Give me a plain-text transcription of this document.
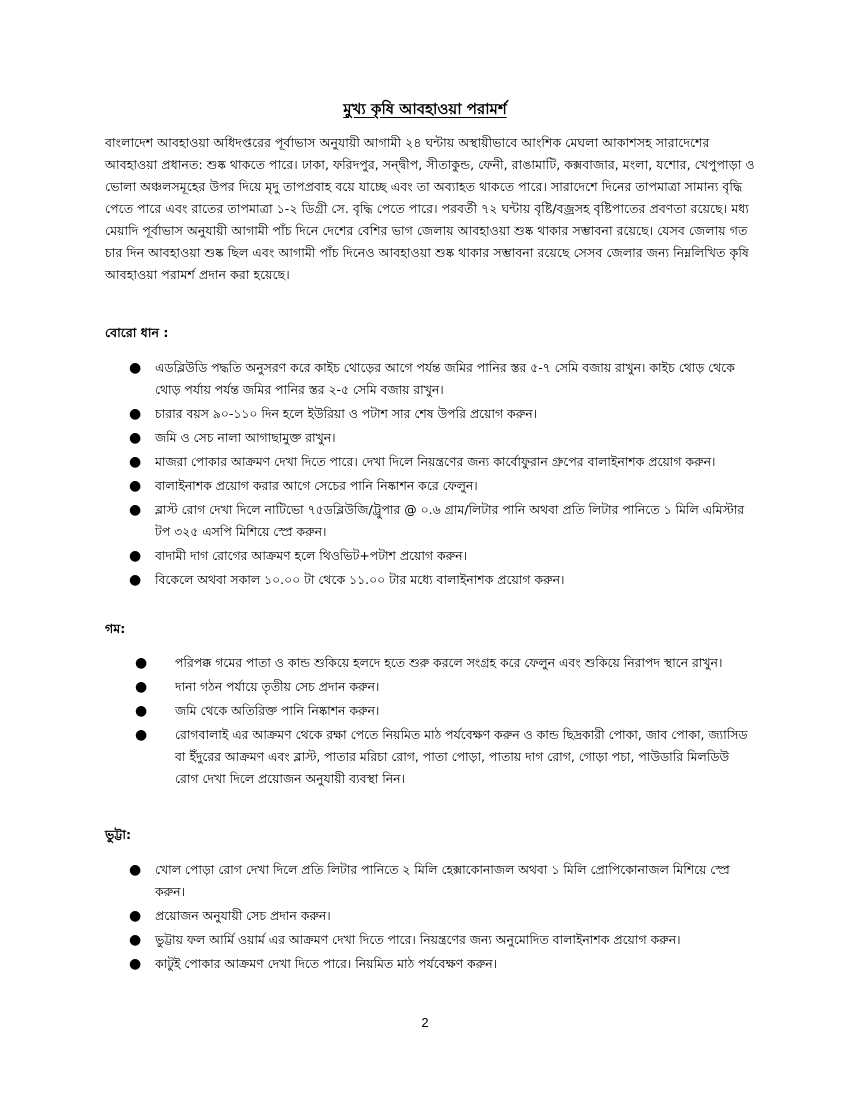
মুখ্য কৃষি আবহাওয়া পরামর্শ
বাংলাদেশ আবহাওয়া অধিদপ্তরের পূর্বাভাস অনুযায়ী আগামী ২৪ ঘন্টায় অস্থায়ীভাবে আংশিক মেঘলা আকাশসহ সারাদেশের আবহাওয়া প্রধানত: শুষ্ক থাকতে পারে। ঢাকা, ফরিদপুর, সন্দ্বীপ, সীতাকুন্ড, ফেনী, রাঙামাটি, কক্সবাজার, মংলা, যশোর, খেপুপাড়া ও ভোলা অঞ্চলসমূহের উপর দিয়ে মৃদু তাপপ্রবাহ বয়ে যাচ্ছে এবং তা অব্যাহত থাকতে পারে। সারাদেশে দিনের তাপমাত্রা সামান্য বৃদ্ধি পেতে পারে এবং রাতের তাপমাত্রা ১-২ ডিগ্রী সে. বৃদ্ধি পেতে পারে। পরবর্তী ৭২ ঘন্টায় বৃষ্টি/বজ্রসহ বৃষ্টিপাতের প্রবণতা রয়েছে। মধ্য মেয়াদি পূর্বাভাস অনুযায়ী আগামী পাঁচ দিনে দেশের বেশির ভাগ জেলায় আবহাওয়া শুষ্ক থাকার সম্ভাবনা রয়েছে। যেসব জেলায় গত চার দিন আবহাওয়া শুষ্ক ছিল এবং আগামী পাঁচ দিনেও আবহাওয়া শুষ্ক থাকার সম্ভাবনা রয়েছে সেসব জেলার জন্য নিম্নলিখিত কৃষি আবহাওয়া পরামর্শ প্রদান করা হয়েছে।
বোরো ধান :
● এডব্লিউডি পদ্ধতি অনুসরণ করে কাইচ থোড়ের আগে পর্যন্ত জমির পানির স্তর ৫-৭ সেমি বজায় রাখুন। কাইচ থোড় থেকে থোড় পর্যায় পর্যন্ত জমির পানির স্তর ২-৫ সেমি বজায় রাখুন।
● চারার বয়স ৯০-১১০ দিন হলে ইউরিয়া ও পটাশ সার শেষ উপরি প্রয়োগ করুন।
● জমি ও সেচ নালা আগাছামুক্ত রাখুন।
● মাজরা পোকার আক্রমণ দেখা দিতে পারে। দেখা দিলে নিয়ন্ত্রণের জন্য কার্বোফুরান গ্রুপের বালাইনাশক প্রয়োগ করুন।
● বালাইনাশক প্রয়োগ করার আগে সেচের পানি নিষ্কাশন করে ফেলুন।
● ব্লাস্ট রোগ দেখা দিলে নাটিভো ৭৫ডব্লিউজি/ট্রুপার @ ০.৬ গ্রাম/লিটার পানি অথবা প্রতি লিটার পানিতে ১ মিলি এমিস্টার টপ ৩২৫ এসপি মিশিয়ে স্প্রে করুন।
● বাদামী দাগ রোগের আক্রমণ হলে থিওভিট+পটাশ প্রয়োগ করুন।
● বিকেলে অথবা সকাল ১০.০০ টা থেকে ১১.০০ টার মধ্যে বালাইনাশক প্রয়োগ করুন।
গম:
● পরিপক্ক গমের পাতা ও কান্ড শুকিয়ে হলদে হতে শুরু করলে সংগ্রহ করে ফেলুন এবং শুকিয়ে নিরাপদ স্থানে রাখুন।
● দানা গঠন পর্যায়ে তৃতীয় সেচ প্রদান করুন।
● জমি থেকে অতিরিক্ত পানি নিষ্কাশন করুন।
● রোগবালাই এর আক্রমণ থেকে রক্ষা পেতে নিয়মিত মাঠ পর্যবেক্ষণ করুন ও কান্ড ছিদ্রকারী পোকা, জাব পোকা, জ্যাসিড বা ইঁদুরের আক্রমণ এবং ব্লাস্ট, পাতার মরিচা রোগ, পাতা পোড়া, পাতায় দাগ রোগ, গোড়া পচা, পাউডারি মিলডিউ রোগ দেখা দিলে প্রয়োজন অনুযায়ী ব্যবস্থা নিন।
ভুট্টা:
● খোল পোড়া রোগ দেখা দিলে প্রতি লিটার পানিতে ২ মিলি হেক্সাকোনাজল অথবা ১ মিলি প্রোপিকোনাজল মিশিয়ে স্প্রে করুন।
● প্রয়োজন অনুযায়ী সেচ প্রদান করুন।
● ভুট্টায় ফল আর্মি ওয়ার্ম এর আক্রমণ দেখা দিতে পারে। নিয়ন্ত্রণের জন্য অনুমোদিত বালাইনাশক প্রয়োগ করুন।
● কাটুই পোকার আক্রমণ দেখা দিতে পারে। নিয়মিত মাঠ পর্যবেক্ষণ করুন।
2
